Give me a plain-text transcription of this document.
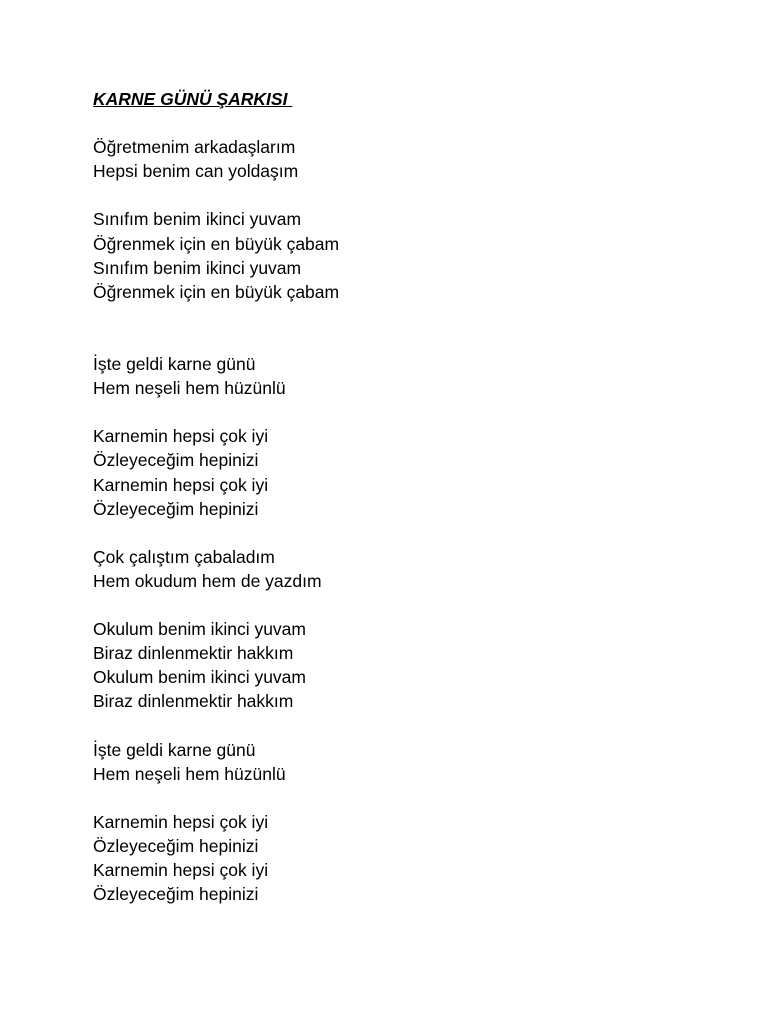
KARNE GÜNÜ ŞARKISI

Öğretmenim arkadaşlarım
Hepsi benim can yoldaşım
Sınıfım benim ikinci yuvam
Öğrenmek için en büyük çabam
Sınıfım benim ikinci yuvam
Öğrenmek için en büyük çabam
İşte geldi karne günü
Hem neşeli hem hüzünlü
Karnemin hepsi çok iyi
Özleyeceğim hepinizi
Karnemin hepsi çok iyi
Özleyeceğim hepinizi
Çok çalıştım çabaladım
Hem okudum hem de yazdım
Okulum benim ikinci yuvam
Biraz dinlenmektir hakkım
Okulum benim ikinci yuvam
Biraz dinlenmektir hakkım
İşte geldi karne günü
Hem neşeli hem hüzünlü
Karnemin hepsi çok iyi
Özleyeceğim hepinizi
Karnemin hepsi çok iyi
Özleyeceğim hepinizi
